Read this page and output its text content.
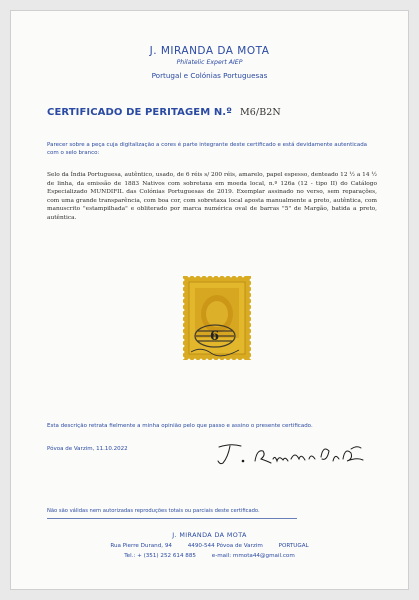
J. MIRANDA DA MOTA
Philatelic Expert AIEP
Portugal e Colónias Portuguesas
CERTIFICADO DE PERITAGEM N.º M6/B2N
Parecer sobre a peça cuja digitalização a cores é parte integrante deste certificado e está devidamente autenticada com o selo branco:
Selo da Índia Portuguesa, autêntico, usado, de 6 réis s/ 200 réis, amarelo, papel espesso, denteado 12 ½ a 14 ½ de linha, da emissão de 1883 Nativos com sobretaxa em moeda local, n.º 126a (12 - tipo II) do Catálogo Especializado MUNDIFIL das Colónias Portuguesas de 2019. Exemplar assinado no verso, sem reparações, com uma grande transparência, com boa cor, com sobretaxa local aposta manualmente a preto, autêntica, com manuscrito "estampilhada" e obliterado por marca numérica oval de barras "5" de Margão, batida a preto, autêntica.
6
Esta descrição retrata fielmente a minha opinião pelo que passo e assino o presente certificado.
Póvoa de Varzim, 11.10.2022
Não são válidas nem autorizadas reproduções totais ou parciais deste certificado.
J. MIRANDA DA MOTA
Rua Pierre Durand, 94	4490-544 Póvoa de Varzim	PORTUGAL
Tel.: + (351) 252 614 885	e-mail: mmota44@gmail.com
